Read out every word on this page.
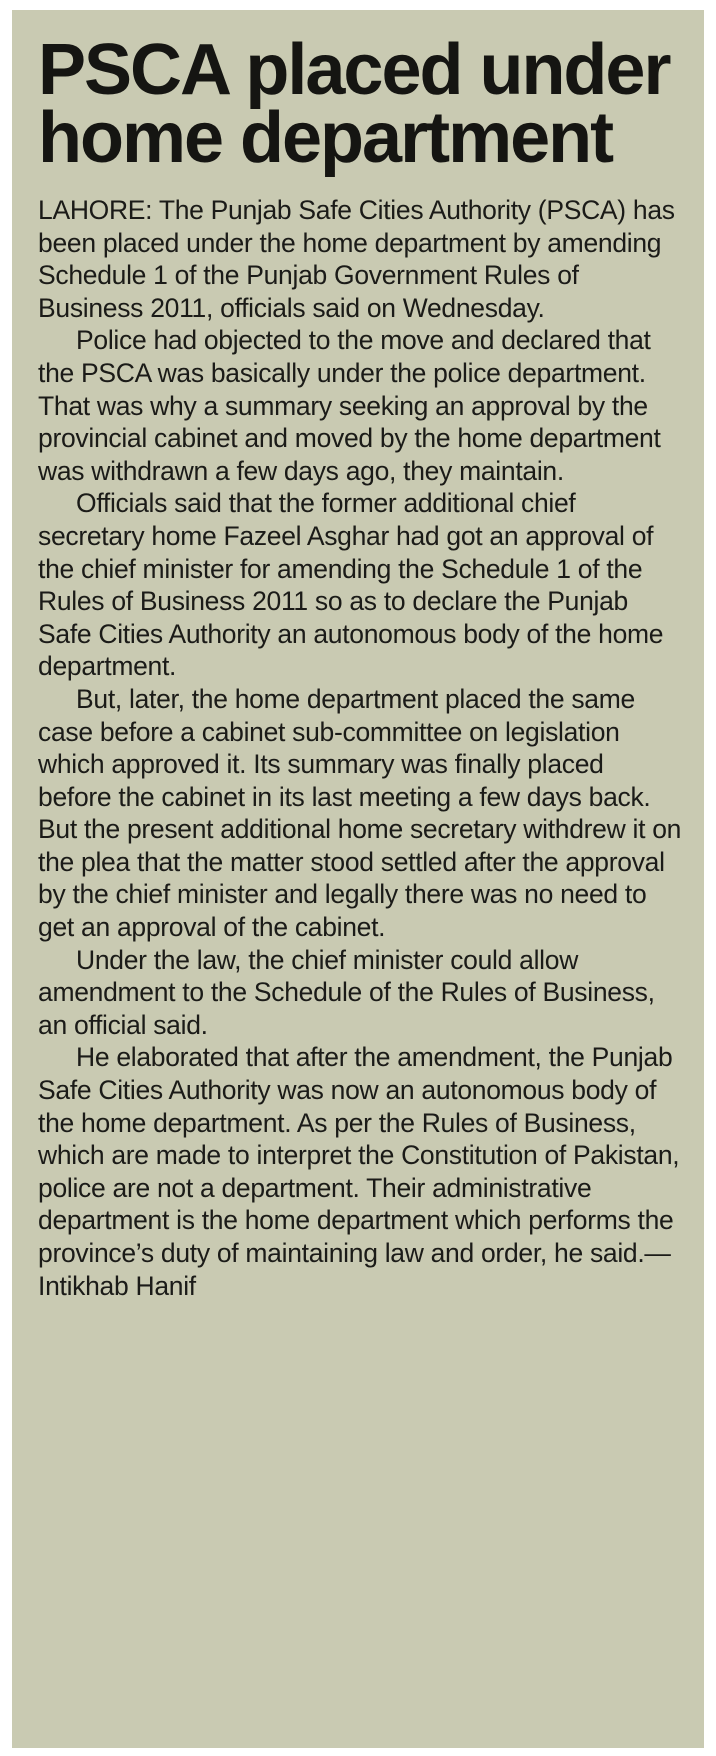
PSCA placed under home department

LAHORE: The Punjab Safe Cities Authority (PSCA) has been placed under the home department by amending Schedule 1 of the Punjab Government Rules of Business 2011, officials said on Wednesday.

Police had objected to the move and declared that the PSCA was basically under the police department. That was why a summary seeking an approval by the provincial cabinet and moved by the home department was withdrawn a few days ago, they maintain.

Officials said that the former additional chief secretary home Fazeel Asghar had got an approval of the chief minister for amending the Schedule 1 of the Rules of Business 2011 so as to declare the Punjab Safe Cities Authority an autonomous body of the home department.

But, later, the home department placed the same case before a cabinet sub-committee on legislation which approved it. Its summary was finally placed before the cabinet in its last meeting a few days back. But the present additional home secretary withdrew it on the plea that the matter stood settled after the approval by the chief minister and legally there was no need to get an approval of the cabinet.

Under the law, the chief minister could allow amendment to the Schedule of the Rules of Business, an official said.

He elaborated that after the amendment, the Punjab Safe Cities Authority was now an autonomous body of the home department. As per the Rules of Business, which are made to interpret the Constitution of Pakistan, police are not a department. Their administrative department is the home department which performs the province’s duty of maintaining law and order, he said.—Intikhab Hanif
